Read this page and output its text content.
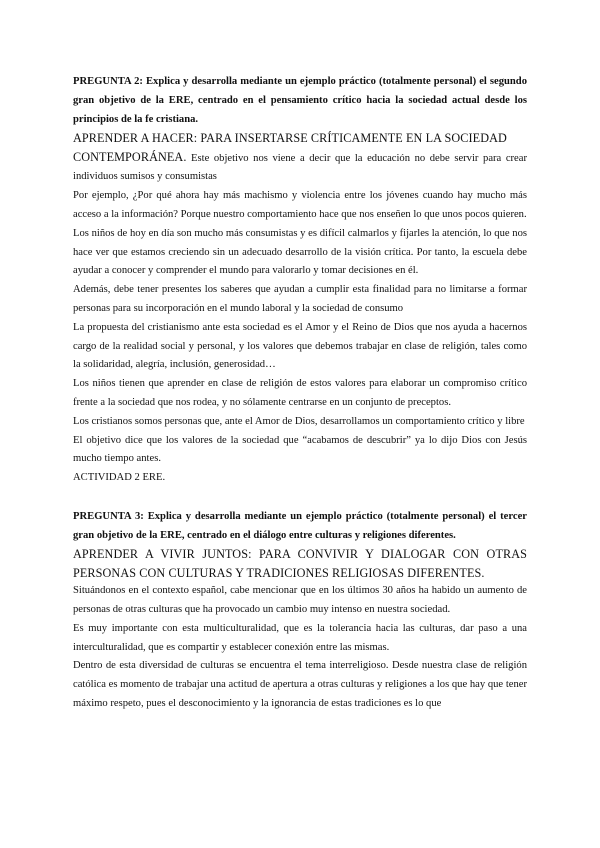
PREGUNTA 2: Explica y desarrolla mediante un ejemplo práctico (totalmente personal) el segundo gran objetivo de la ERE, centrado en el pensamiento crítico hacia la sociedad actual desde los principios de la fe cristiana.
APRENDER A HACER: PARA INSERTARSE CRÍTICAMENTE EN LA SOCIEDAD
CONTEMPORÁNEA. Este objetivo nos viene a decir que la educación no debe servir para crear individuos sumisos y consumistas
Por ejemplo, ¿Por qué ahora hay más machismo y violencia entre los jóvenes cuando hay mucho más acceso a la información? Porque nuestro comportamiento hace que nos enseñen lo que unos pocos quieren.
Los niños de hoy en día son mucho más consumistas y es difícil calmarlos y fijarles la atención, lo que nos hace ver que estamos creciendo sin un adecuado desarrollo de la visión crítica. Por tanto, la escuela debe ayudar a conocer y comprender el mundo para valorarlo y tomar decisiones en él.
Además, debe tener presentes los saberes que ayudan a cumplir esta finalidad para no limitarse a formar personas para su incorporación en el mundo laboral y la sociedad de consumo
La propuesta del cristianismo ante esta sociedad es el Amor y el Reino de Dios que nos ayuda a hacernos cargo de la realidad social y personal, y los valores que debemos trabajar en clase de religión, tales como la solidaridad, alegría, inclusión, generosidad…
Los niños tienen que aprender en clase de religión de estos valores para elaborar un compromiso crítico frente a la sociedad que nos rodea, y no sólamente centrarse en un conjunto de preceptos.
Los cristianos somos personas que, ante el Amor de Dios, desarrollamos un comportamiento crítico y libre
El objetivo dice que los valores de la sociedad que “acabamos de descubrir” ya lo dijo Dios con Jesús mucho tiempo antes.
ACTIVIDAD 2 ERE.
PREGUNTA 3: Explica y desarrolla mediante un ejemplo práctico (totalmente personal) el tercer gran objetivo de la ERE, centrado en el diálogo entre culturas y religiones diferentes.
APRENDER A VIVIR JUNTOS: PARA CONVIVIR Y DIALOGAR CON OTRAS PERSONAS CON CULTURAS Y TRADICIONES RELIGIOSAS DIFERENTES.
Situándonos en el contexto español, cabe mencionar que en los últimos 30 años ha habido un aumento de personas de otras culturas que ha provocado un cambio muy intenso en nuestra sociedad.
Es muy importante con esta multiculturalidad, que es la tolerancia hacia las culturas, dar paso a una interculturalidad, que es compartir y establecer conexión entre las mismas.
Dentro de esta diversidad de culturas se encuentra el tema interreligioso. Desde nuestra clase de religión católica es momento de trabajar una actitud de apertura a otras culturas y religiones a los que hay que tener máximo respeto, pues el desconocimiento y la ignorancia de estas tradiciones es lo que
